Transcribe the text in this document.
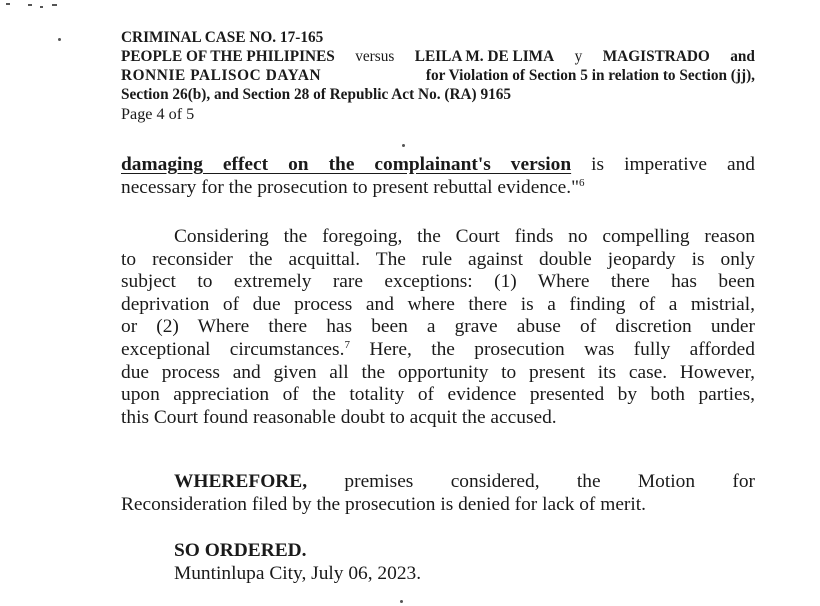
CRIMINAL CASE NO. 17-165
PEOPLE OF THE PHILIPINES versus LEILA M. DE LIMA y MAGISTRADO and
RONNIE PALISOC DAYAN	for Violation of Section 5 in relation to Section (jj),
Section 26(b), and Section 28 of Republic Act No. (RA) 9165
Page 4 of 5
damaging effect on the complainant's version is imperative and
necessary for the prosecution to present rebuttal evidence."$^6$
Considering the foregoing, the Court finds no compelling reason
to reconsider the acquittal. The rule against double jeopardy is only
subject to extremely rare exceptions: (1) Where there has been
deprivation of due process and where there is a finding of a mistrial,
or (2) Where there has been a grave abuse of discretion under
exceptional circumstances.$^7$ Here, the prosecution was fully afforded
due process and given all the opportunity to present its case. However,
upon appreciation of the totality of evidence presented by both parties,
this Court found reasonable doubt to acquit the accused.
WHEREFORE, premises considered, the Motion for
Reconsideration filed by the prosecution is denied for lack of merit.
SO ORDERED.
Muntinlupa City, July 06, 2023.
